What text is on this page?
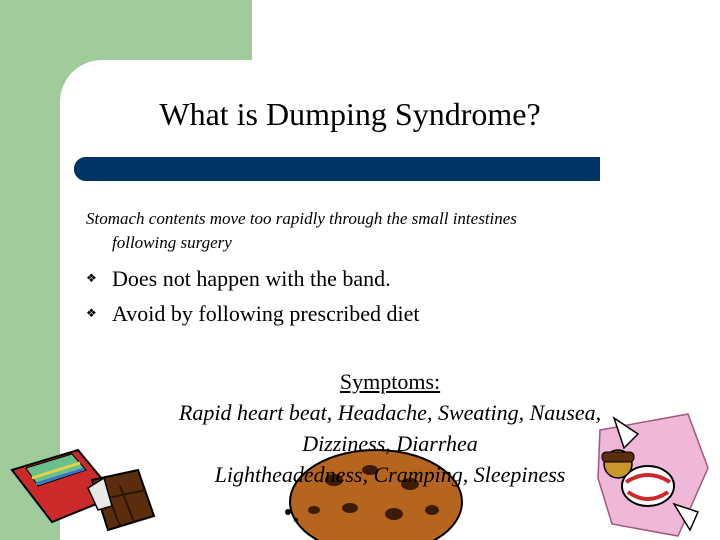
What is Dumping Syndrome?
Stomach contents move too rapidly through the small intestines
following surgery
❖ Does not happen with the band.
❖ Avoid by following prescribed diet
Symptoms:
Rapid heart beat, Headache, Sweating, Nausea,
Dizziness, Diarrhea
Lightheadedness, Cramping, Sleepiness
